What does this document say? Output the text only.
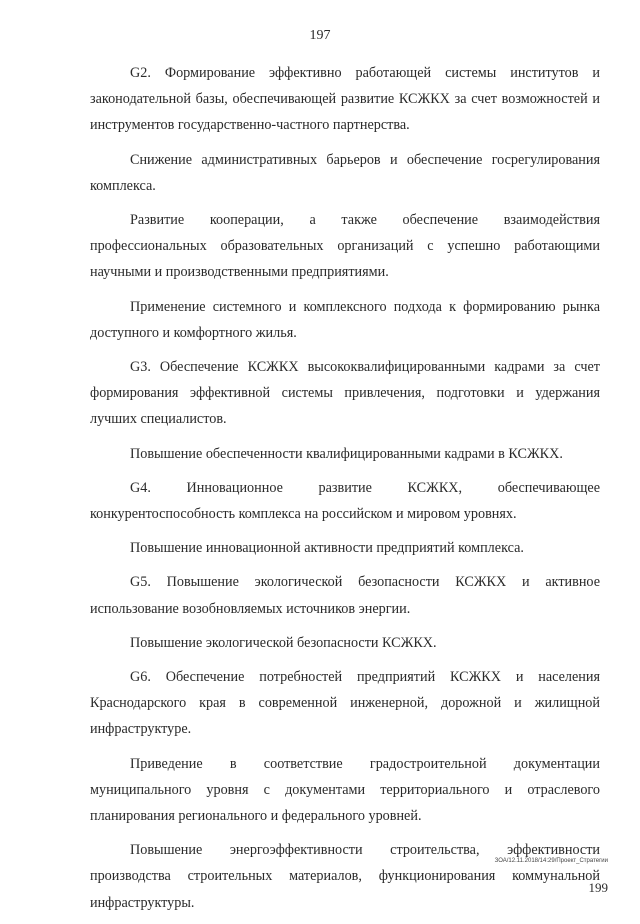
197

G2. Формирование эффективно работающей системы институтов и законодательной базы, обеспечивающей развитие КСЖКХ за счет возможностей и инструментов государственно-частного партнерства.

Снижение административных барьеров и обеспечение госрегулирования комплекса.

Развитие кооперации, а также обеспечение взаимодействия профессиональных образовательных организаций с успешно работающими научными и производственными предприятиями.

Применение системного и комплексного подхода к формированию рынка доступного и комфортного жилья.

G3. Обеспечение КСЖКХ высококвалифицированными кадрами за счет формирования эффективной системы привлечения, подготовки и удержания лучших специалистов.

Повышение обеспеченности квалифицированными кадрами в КСЖКХ.

G4. Инновационное развитие КСЖКХ, обеспечивающее конкурентоспособность комплекса на российском и мировом уровнях.

Повышение инновационной активности предприятий комплекса.

G5. Повышение экологической безопасности КСЖКХ и активное использование возобновляемых источников энергии.

Повышение экологической безопасности КСЖКХ.

G6. Обеспечение потребностей предприятий КСЖКХ и населения Краснодарского края в современной инженерной, дорожной и жилищной инфраструктуре.

Приведение в соответствие градостроительной документации муниципального уровня с документами территориального и отраслевого планирования регионального и федерального уровней.

Повышение энергоэффективности строительства, эффективности производства строительных материалов, функционирования коммунальной инфраструктуры.

ЗОА/12.11.2018/14:29/Проект_Стратегии
199
